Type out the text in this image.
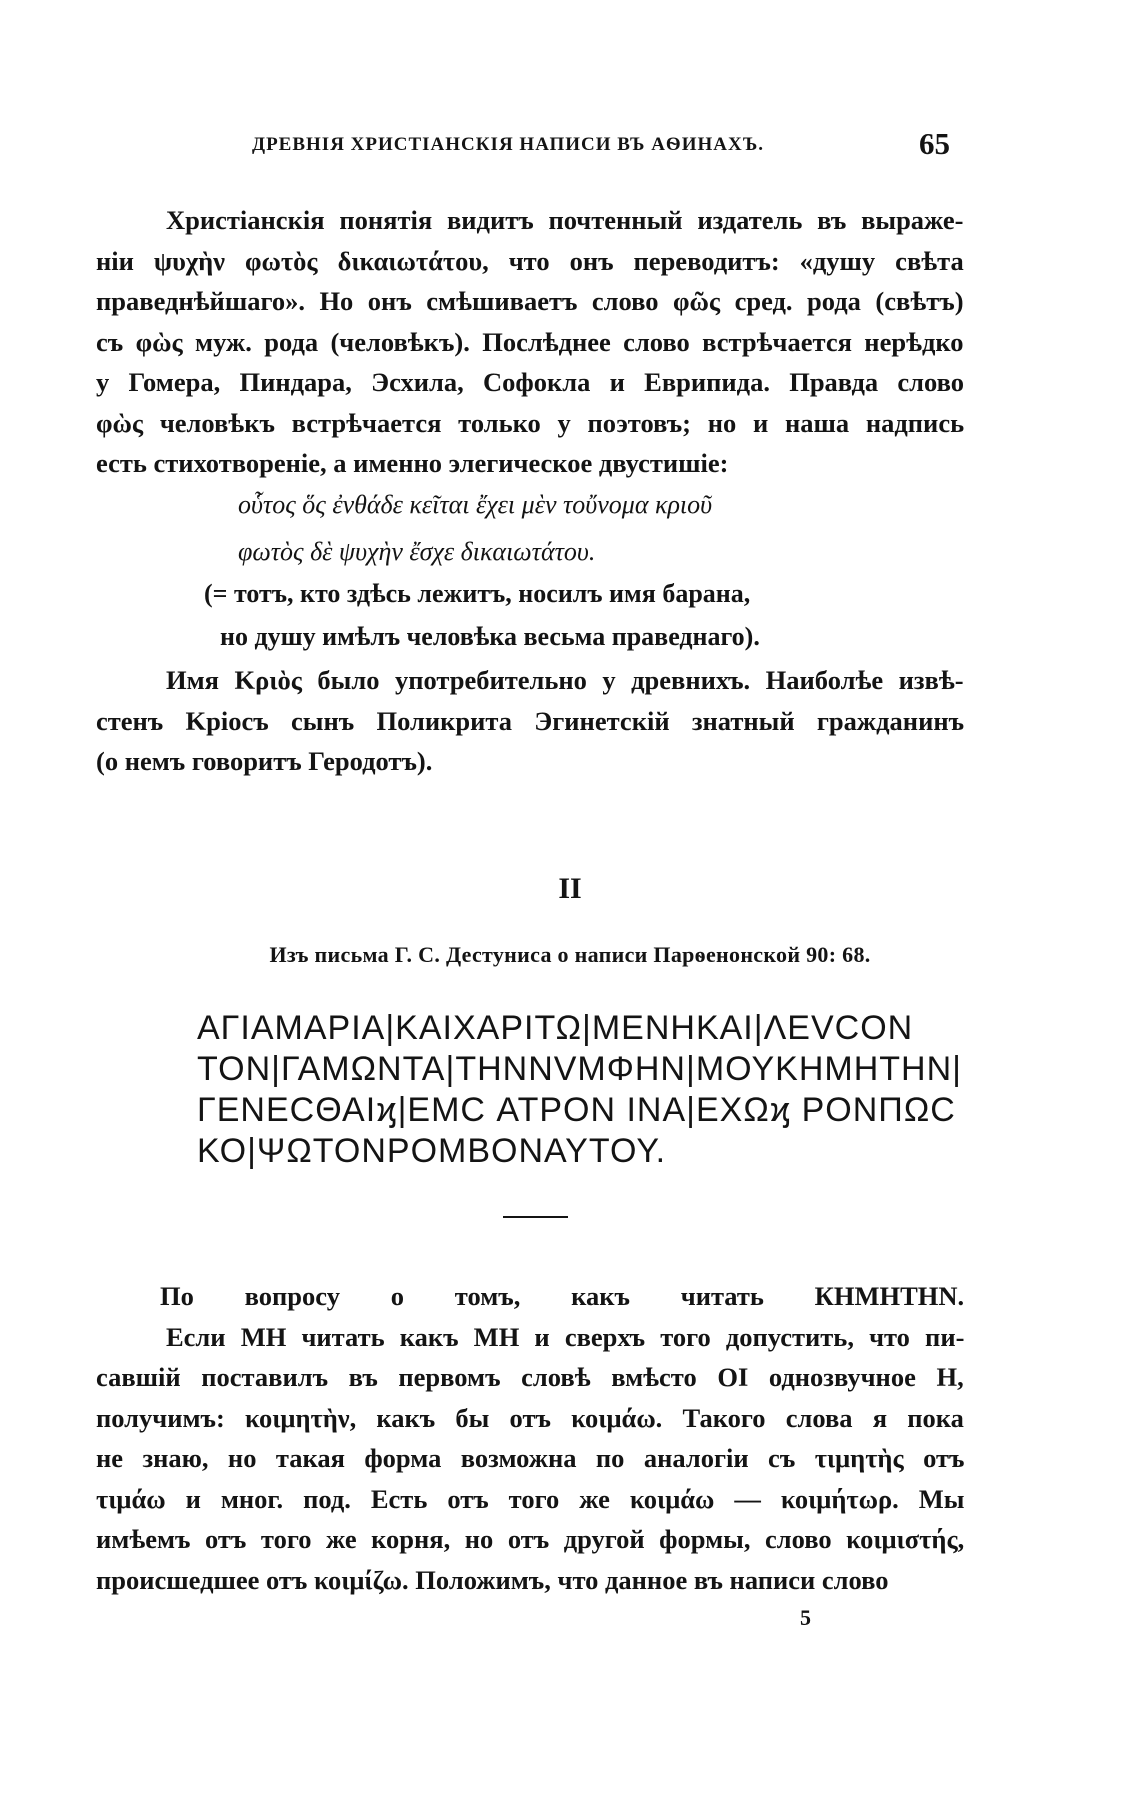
ДРЕВНІЯ ХРИСТІАНСКІЯ НАПИСИ ВЪ АѲИНАХЪ.	65
Христіанскія понятія видитъ почтенный издатель въ выраже-
ніи ψυχὴν φωτὸς δικαιωτάτου, что онъ переводитъ: «душу свѣта
праведнѣйшаго». Но онъ смѣшиваетъ слово φῶς сред. рода (свѣтъ)
съ φὼς муж. рода (человѣкъ). Послѣднее слово встрѣчается нерѣдко
у Гомера, Пиндара, Эсхила, Софокла и Еврипида. Правда слово
φὼς человѣкъ встрѣчается только у поэтовъ; но и наша надпись
есть стихотвореніе, а именно элегическое двустишіе:
οὗτος ὅς ἐνθάδε κεῖται ἔχει μὲν τοὔνομα κριοῦ
φωτὸς δὲ ψυχὴν ἔσχε δικαιωτάτου.
(= тотъ, кто здѣсь лежитъ, носилъ имя барана,
но душу имѣлъ человѣка весьма праведнаго).
Имя Κριὸς было употребительно у древнихъ. Наиболѣе извѣ-
стенъ Κріосъ сынъ Поликрита Эгинетскій знатный гражданинъ
(о немъ говоритъ Геродотъ).
II
Изъ письма Г. С. Дестуниса о написи Парѳенонской 90: 68.
ΑΓΙΑΜΑΡΙΑ|ΚΑΙΧΑΡΙΤΩ|ΜΕΝΗΚΑΙ|ΛΕVCON
ΤΟΝ|ΓΑΜΩΝΤΑ|ΤΗΝΝVΜΦΗΝ|ΜΟΥΚΗΜΗΤΗΝ|
ΓΕΝΕCΘΑΙϗ|ΕΜC ΑΤΡΟΝ ΙΝΑ|ΕΧΩϗ ΡΟΝΠΩC
ΚΟ|ΨΩΤΟΝΡΟΜΒΟΝΑΥΤΟΥ.
По вопросу о томъ, какъ читать КНМНТНN.
Если МН читать какъ МН и сверхъ того допустить, что пи-
савшій поставилъ въ первомъ словѣ вмѣсто ΟΙ однозвучное Η,
получимъ: κοιμητὴν, какъ бы отъ κοιμάω. Такого слова я пока
не знаю, но такая форма возможна по аналогіи съ τιμητὴς отъ
τιμάω и мног. под. Есть отъ того же κοιμάω — κοιμήτωρ. Мы
имѣемъ отъ того же корня, но отъ другой формы, слово κοιμιστής,
происшедшее отъ κοιμίζω. Положимъ, что данное въ написи слово
5
